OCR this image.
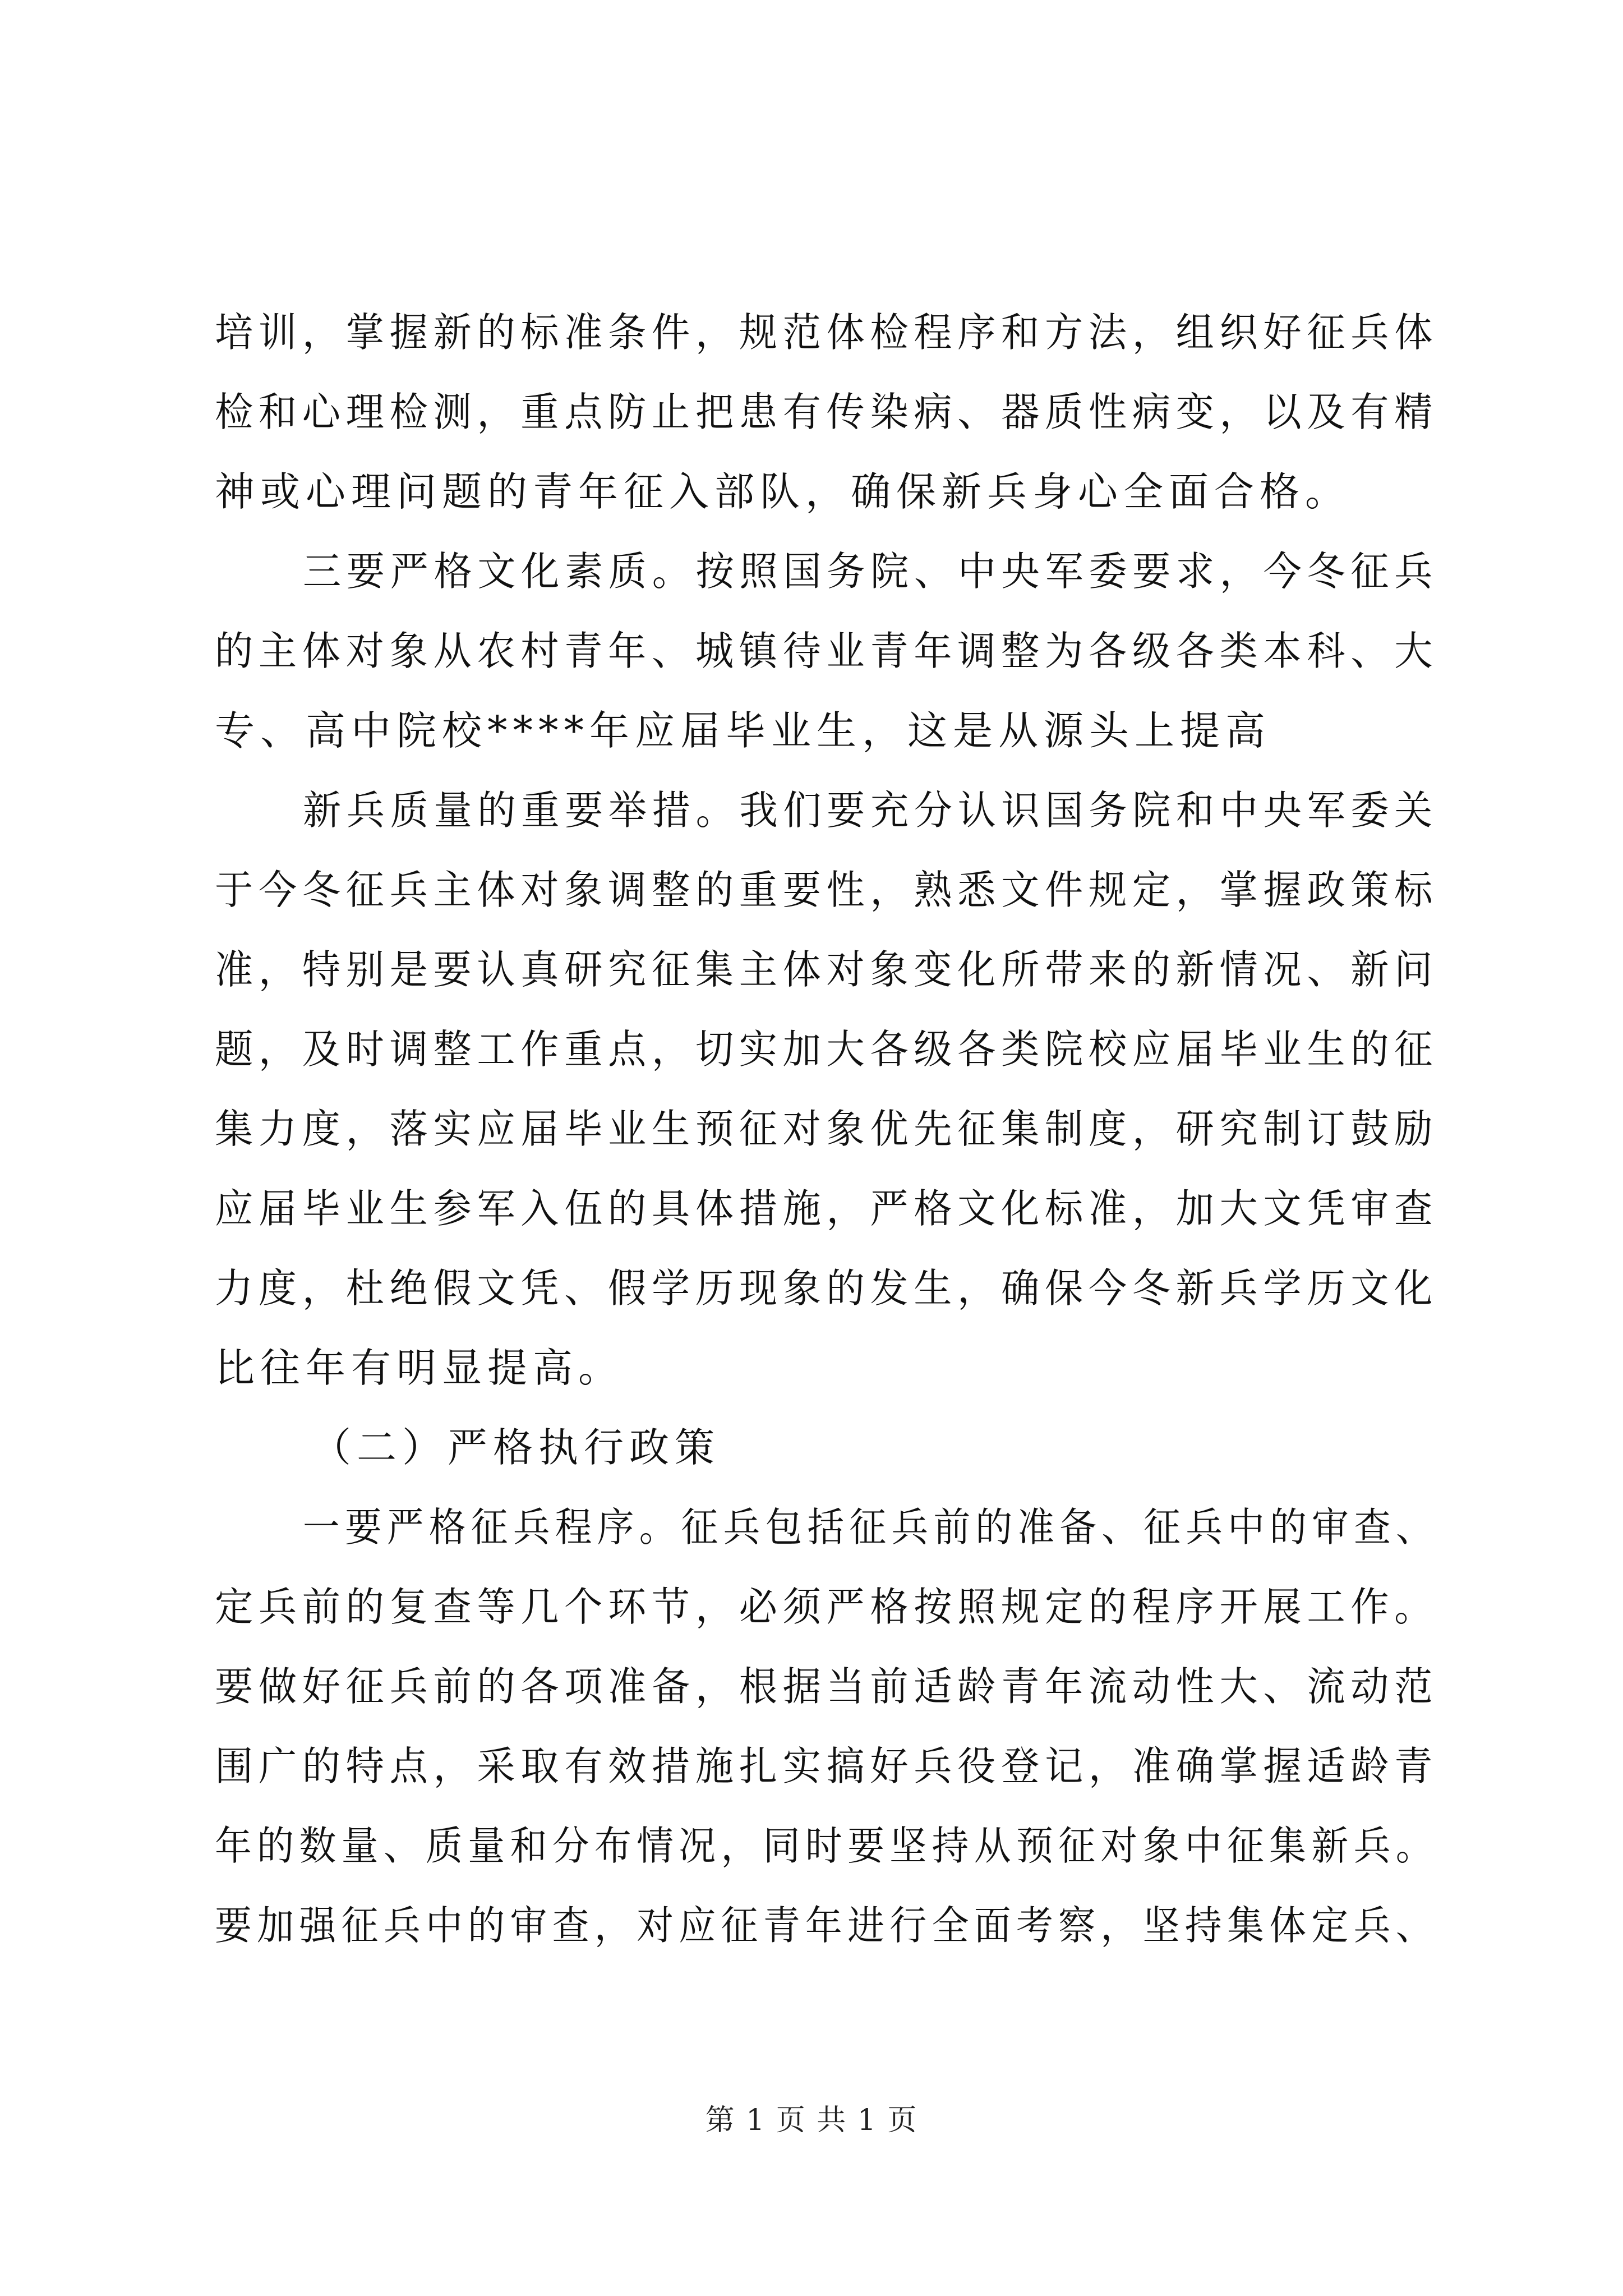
培训，掌握新的标准条件，规范体检程序和方法，组织好征兵体
检和心理检测，重点防止把患有传染病、器质性病变，以及有精
神或心理问题的青年征入部队，确保新兵身心全面合格。
三要严格文化素质。按照国务院、中央军委要求，今冬征兵
的主体对象从农村青年、城镇待业青年调整为各级各类本科、大
专、高中院校****年应届毕业生，这是从源头上提高
新兵质量的重要举措。我们要充分认识国务院和中央军委关
于今冬征兵主体对象调整的重要性，熟悉文件规定，掌握政策标
准，特别是要认真研究征集主体对象变化所带来的新情况、新问
题，及时调整工作重点，切实加大各级各类院校应届毕业生的征
集力度，落实应届毕业生预征对象优先征集制度，研究制订鼓励
应届毕业生参军入伍的具体措施，严格文化标准，加大文凭审查
力度，杜绝假文凭、假学历现象的发生，确保今冬新兵学历文化
比往年有明显提高。
（二）严格执行政策
一要严格征兵程序。征兵包括征兵前的准备、征兵中的审查、
定兵前的复查等几个环节，必须严格按照规定的程序开展工作。
要做好征兵前的各项准备，根据当前适龄青年流动性大、流动范
围广的特点，采取有效措施扎实搞好兵役登记，准确掌握适龄青
年的数量、质量和分布情况，同时要坚持从预征对象中征集新兵。
要加强征兵中的审查，对应征青年进行全面考察，坚持集体定兵、
第 1 页 共 1 页
